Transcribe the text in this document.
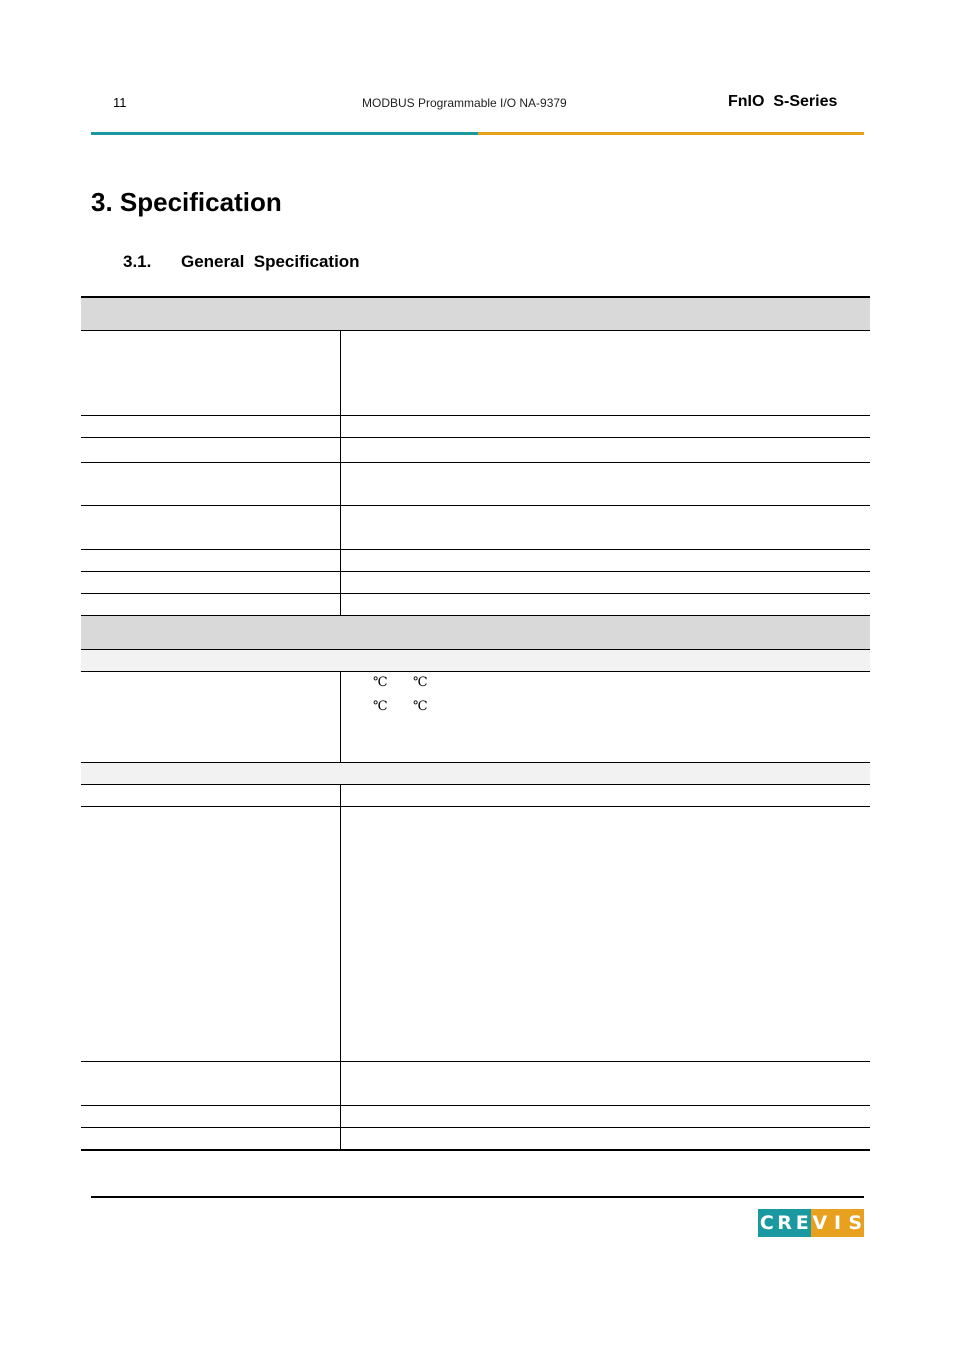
11	MODBUS Programmable I/O NA-9379	FnIO  S-Series
3. Specification
3.1. General  Specification
℃ ℃
℃ ℃
C R E V I S
